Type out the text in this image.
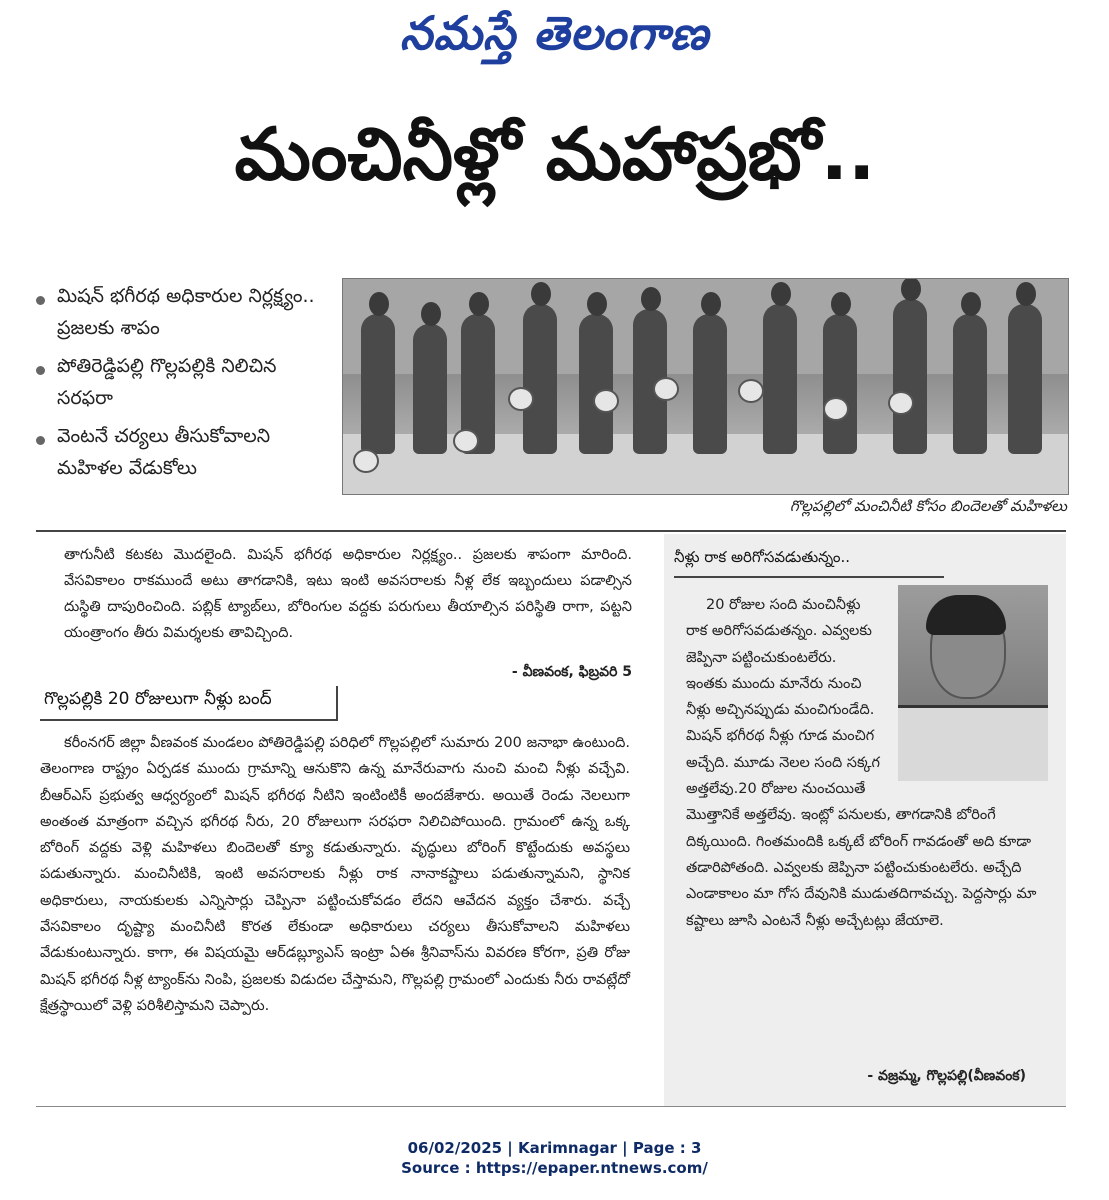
నమస్తే తెలంగాణ
మంచినీళ్లో మహాప్రభో..
మిషన్ భగీరథ అధికారుల నిర్లక్ష్యం.. ప్రజలకు శాపం
పోతిరెడ్డిపల్లి గొల్లపల్లికి నిలిచిన సరఫరా
వెంటనే చర్యలు తీసుకోవాలని మహిళల వేడుకోలు
గొల్లపల్లిలో మంచినీటి కోసం బిందెలతో మహిళలు
తాగునీటి కటకట మొదలైంది. మిషన్ భగీరథ అధికారుల నిర్లక్ష్యం.. ప్రజలకు శాపంగా మారింది. వేసవికాలం రాకముందే అటు తాగడానికి, ఇటు ఇంటి అవసరాలకు నీళ్ల లేక ఇబ్బందులు పడాల్సిన దుస్థితి దాపురించింది. పబ్లిక్ ట్యాబ్‌లు, బోరింగుల వద్దకు పరుగులు తీయాల్సిన పరిస్థితి రాగా, పట్టని యంత్రాంగం తీరు విమర్శలకు తావిచ్చింది.
- వీణవంక, ఫిబ్రవరి 5
గొల్లపల్లికి 20 రోజులుగా నీళ్లు బంద్
కరీంనగర్ జిల్లా వీణవంక మండలం పోతిరెడ్డిపల్లి పరిధిలో గొల్లపల్లిలో సుమారు 200 జనాభా ఉంటుంది. తెలంగాణ రాష్ట్రం ఏర్పడక ముందు గ్రామాన్ని ఆనుకొని ఉన్న మానేరువాగు నుంచి మంచి నీళ్లు వచ్చేవి. బీఆర్ఎస్ ప్రభుత్వ ఆధ్వర్యంలో మిషన్ భగీరథ నీటిని ఇంటింటికీ అందజేశారు. అయితే రెండు నెలలుగా అంతంత మాత్రంగా వచ్చిన భగీరథ నీరు, 20 రోజులుగా సరఫరా నిలిచిపోయింది. గ్రామంలో ఉన్న ఒక్క బోరింగ్ వద్దకు వెళ్లి మహిళలు బిందెలతో క్యూ కడుతున్నారు. వృద్ధులు బోరింగ్ కొట్టేందుకు అవస్థలు పడుతున్నారు. మంచినీటికి, ఇంటి అవసరాలకు నీళ్లు రాక నానాకష్టాలు పడుతున్నామని, స్థానిక అధికారులు, నాయకులకు ఎన్నిసార్లు చెప్పినా పట్టించుకోవడం లేదని ఆవేదన వ్యక్తం చేశారు. వచ్చే వేసవికాలం దృష్ట్యా మంచినీటి కొరత లేకుండా అధికారులు చర్యలు తీసుకోవాలని మహిళలు వేడుకుంటున్నారు. కాగా, ఈ విషయమై ఆర్‌డబ్ల్యూఎస్ ఇంట్రా ఏఈ శ్రీనివాస్‌ను వివరణ కోరగా, ప్రతి రోజు మిషన్ భగీరథ నీళ్ల ట్యాంక్‌ను నింపి, ప్రజలకు విడుదల చేస్తామని, గొల్లపల్లి గ్రామంలో ఎందుకు నీరు రావట్లేదో క్షేత్రస్థాయిలో వెళ్లి పరిశీలిస్తామని చెప్పారు.
నీళ్లు రాక అరిగోసవడుతున్నం..
20 రోజుల సంది మంచినీళ్లు రాక అరిగోసవడుతన్నం. ఎవ్వలకు జెప్పినా పట్టించుకుంటలేరు. ఇంతకు ముందు మానేరు నుంచి నీళ్లు అచ్చినప్పుడు మంచిగుండేది. మిషన్ భగీరథ నీళ్లు గూడ మంచిగ అచ్చేది. మూడు నెలల సంది సక్కగ అత్తలేవు.20 రోజుల నుంచయితే మొత్తానికే అత్తలేవు. ఇంట్లో పనులకు, తాగడానికి బోరింగే దిక్కయింది. గింతమందికి ఒక్కటే బోరింగ్ గావడంతో అది కూడా తడారిపోతంది. ఎవ్వలకు జెప్పినా పట్టించుకుంటలేరు. అచ్చేది ఎండాకాలం మా గోస దేవునికి ముడుతదిగావచ్చు. పెద్దసార్లు మా కష్టాలు జూసి ఎంటనే నీళ్లు అచ్చేటట్లు జేయాలె.
- వజ్రమ్మ, గొల్లపల్లి(వీణవంక)
06/02/2025 | Karimnagar | Page : 3
Source : https://epaper.ntnews.com/
